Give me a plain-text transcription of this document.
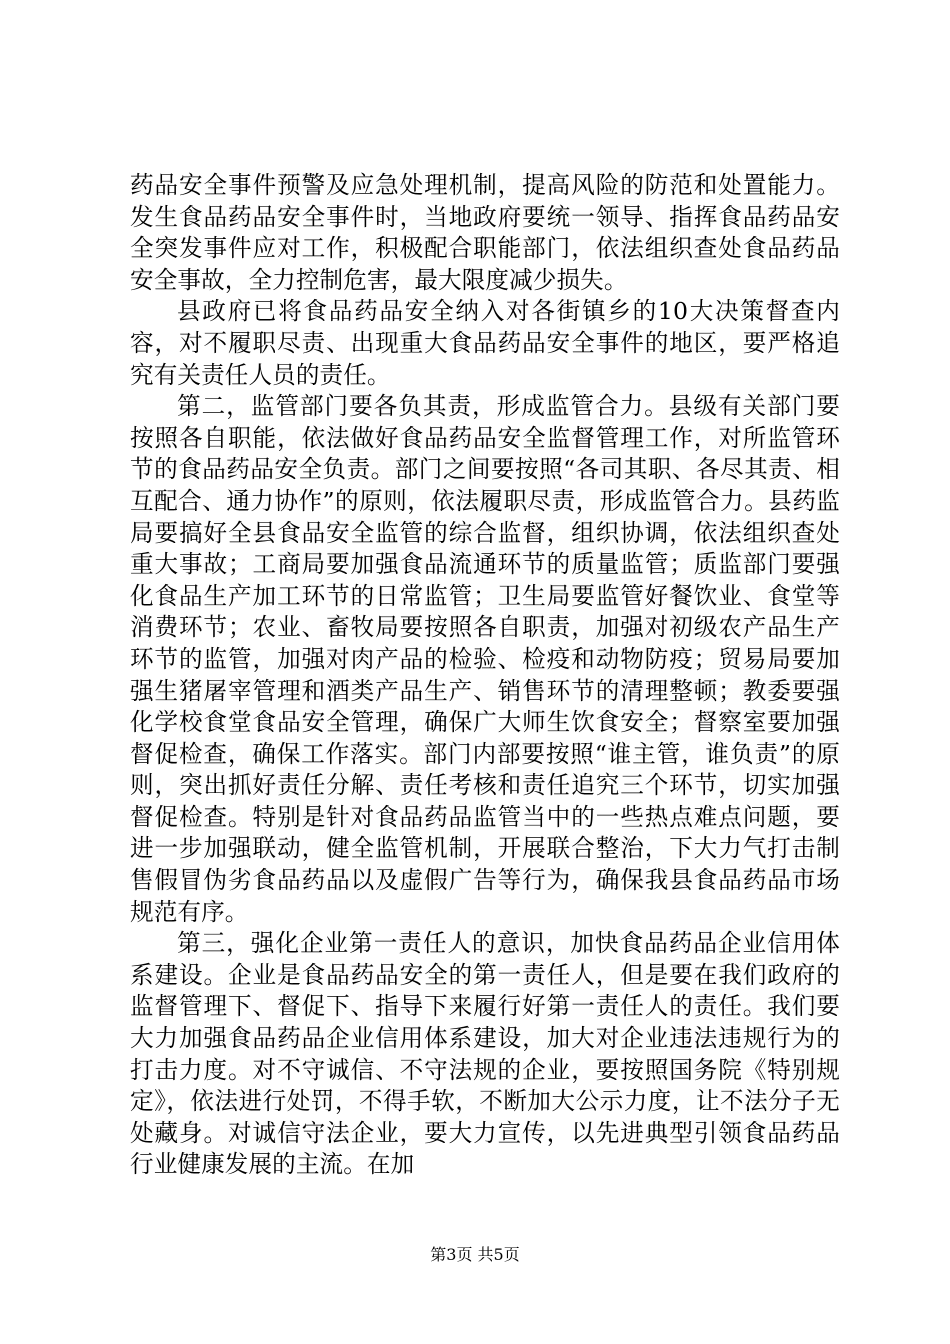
药品安全事件预警及应急处理机制，提高风险的防范和处置能力。发生食品药品安全事件时，当地政府要统一领导、指挥食品药品安全突发事件应对工作，积极配合职能部门，依法组织查处食品药品安全事故，全力控制危害，最大限度减少损失。

县政府已将食品药品安全纳入对各街镇乡的10大决策督查内容，对不履职尽责、出现重大食品药品安全事件的地区，要严格追究有关责任人员的责任。

第二，监管部门要各负其责，形成监管合力。县级有关部门要按照各自职能，依法做好食品药品安全监督管理工作，对所监管环节的食品药品安全负责。部门之间要按照“各司其职、各尽其责、相互配合、通力协作”的原则，依法履职尽责，形成监管合力。县药监局要搞好全县食品安全监管的综合监督，组织协调，依法组织查处重大事故；工商局要加强食品流通环节的质量监管；质监部门要强化食品生产加工环节的日常监管；卫生局要监管好餐饮业、食堂等消费环节；农业、畜牧局要按照各自职责，加强对初级农产品生产环节的监管，加强对肉产品的检验、检疫和动物防疫；贸易局要加强生猪屠宰管理和酒类产品生产、销售环节的清理整顿；教委要强化学校食堂食品安全管理，确保广大师生饮食安全；督察室要加强督促检查，确保工作落实。部门内部要按照“谁主管，谁负责”的原则，突出抓好责任分解、责任考核和责任追究三个环节，切实加强督促检查。特别是针对食品药品监管当中的一些热点难点问题，要进一步加强联动，健全监管机制，开展联合整治，下大力气打击制售假冒伪劣食品药品以及虚假广告等行为，确保我县食品药品市场规范有序。

第三，强化企业第一责任人的意识，加快食品药品企业信用体系建设。企业是食品药品安全的第一责任人，但是要在我们政府的监督管理下、督促下、指导下来履行好第一责任人的责任。我们要大力加强食品药品企业信用体系建设，加大对企业违法违规行为的打击力度。对不守诚信、不守法规的企业，要按照国务院《特别规定》，依法进行处罚，不得手软，不断加大公示力度，让不法分子无处藏身。对诚信守法企业，要大力宣传，以先进典型引领食品药品行业健康发展的主流。在加

第3页 共5页
